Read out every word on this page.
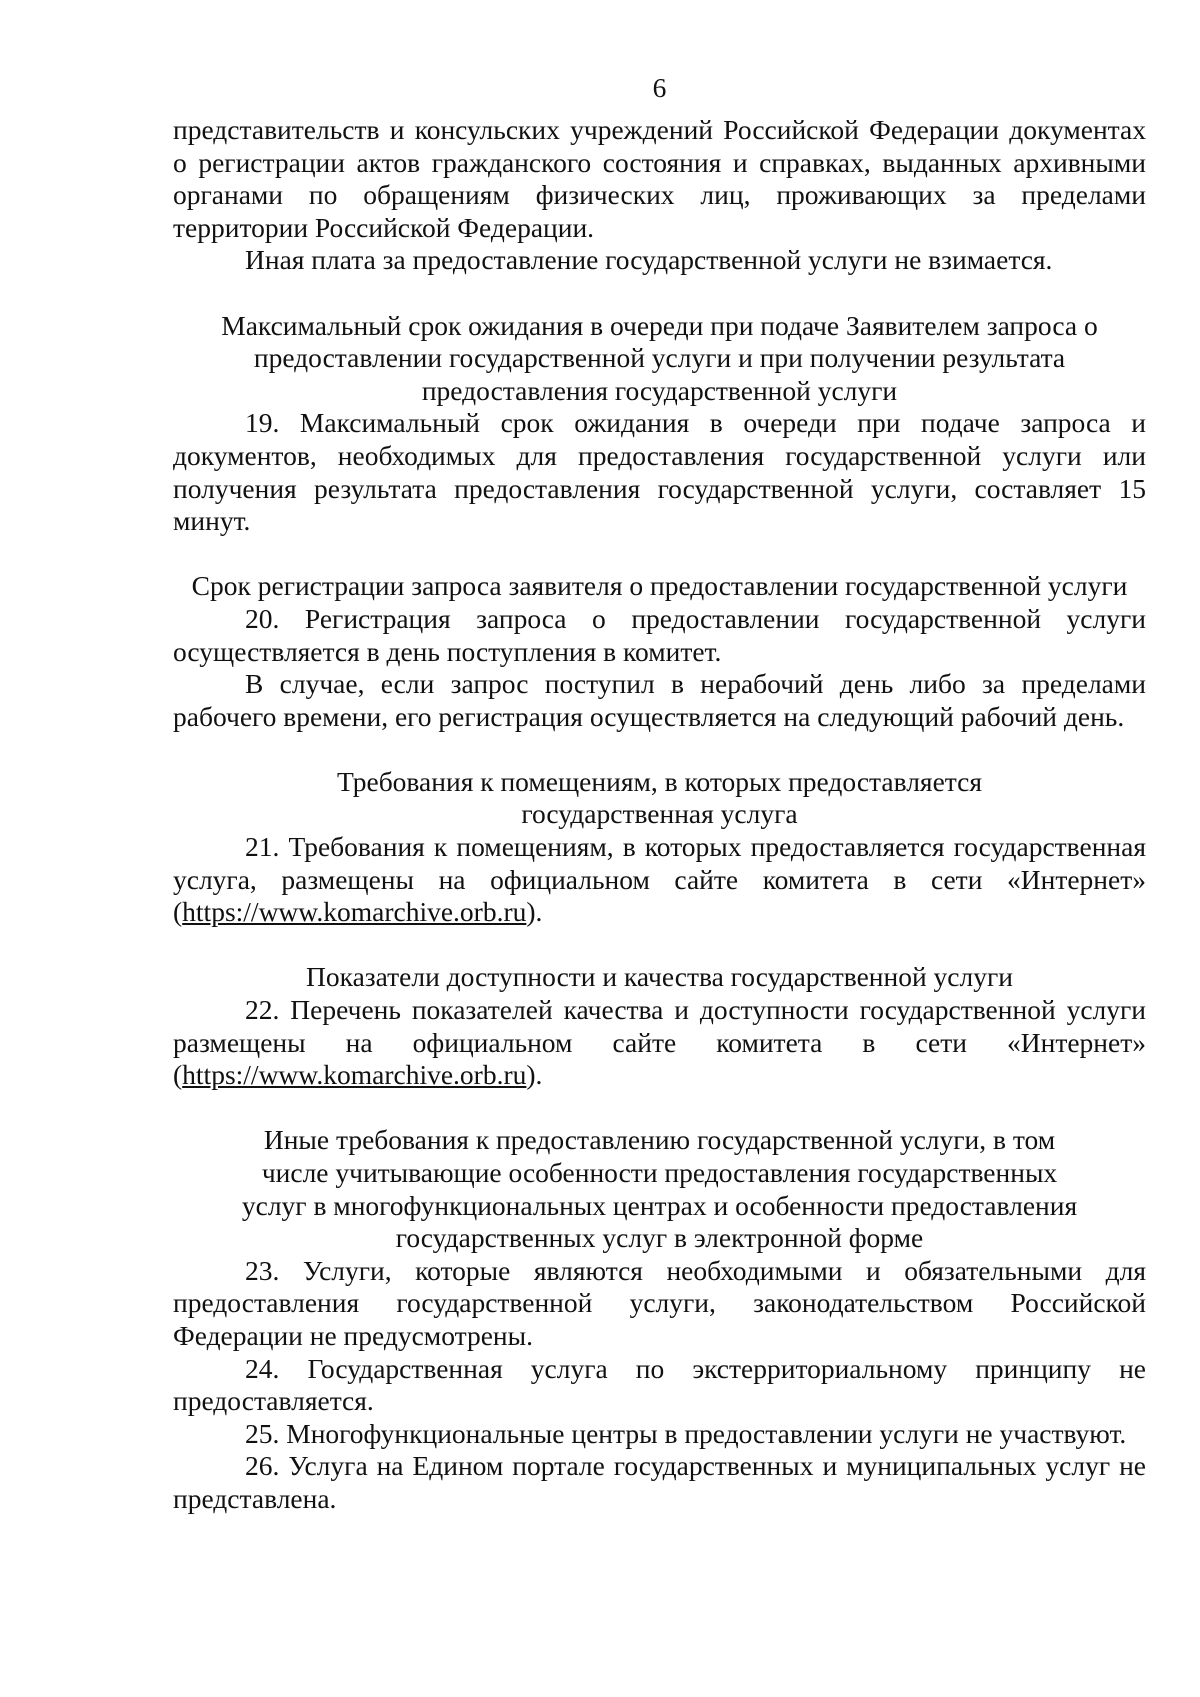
6

представительств и консульских учреждений Российской Федерации документах о регистрации актов гражданского состояния и справках, выданных архивными органами по обращениям физических лиц, проживающих за пределами территории Российской Федерации.

Иная плата за предоставление государственной услуги не взимается.

Максимальный срок ожидания в очереди при подаче Заявителем запроса о предоставлении государственной услуги и при получении результата предоставления государственной услуги

19. Максимальный срок ожидания в очереди при подаче запроса и документов, необходимых для предоставления государственной услуги или получения результата предоставления государственной услуги, составляет 15 минут.

Срок регистрации запроса заявителя о предоставлении государственной услуги

20. Регистрация запроса о предоставлении государственной услуги осуществляется в день поступления в комитет.

В случае, если запрос поступил в нерабочий день либо за пределами рабочего времени, его регистрация осуществляется на следующий рабочий день.

Требования к помещениям, в которых предоставляется государственная услуга

21. Требования к помещениям, в которых предоставляется государственная услуга, размещены на официальном сайте комитета в сети «Интернет» (https://www.komarchive.orb.ru).

Показатели доступности и качества государственной услуги

22. Перечень показателей качества и доступности государственной услуги размещены на официальном сайте комитета в сети «Интернет» (https://www.komarchive.orb.ru).

Иные требования к предоставлению государственной услуги, в том числе учитывающие особенности предоставления государственных услуг в многофункциональных центрах и особенности предоставления государственных услуг в электронной форме

23. Услуги, которые являются необходимыми и обязательными для предоставления государственной услуги, законодательством Российской Федерации не предусмотрены.

24. Государственная услуга по экстерриториальному принципу не предоставляется.

25. Многофункциональные центры в предоставлении услуги не участвуют.

26. Услуга на Едином портале государственных и муниципальных услуг не представлена.
